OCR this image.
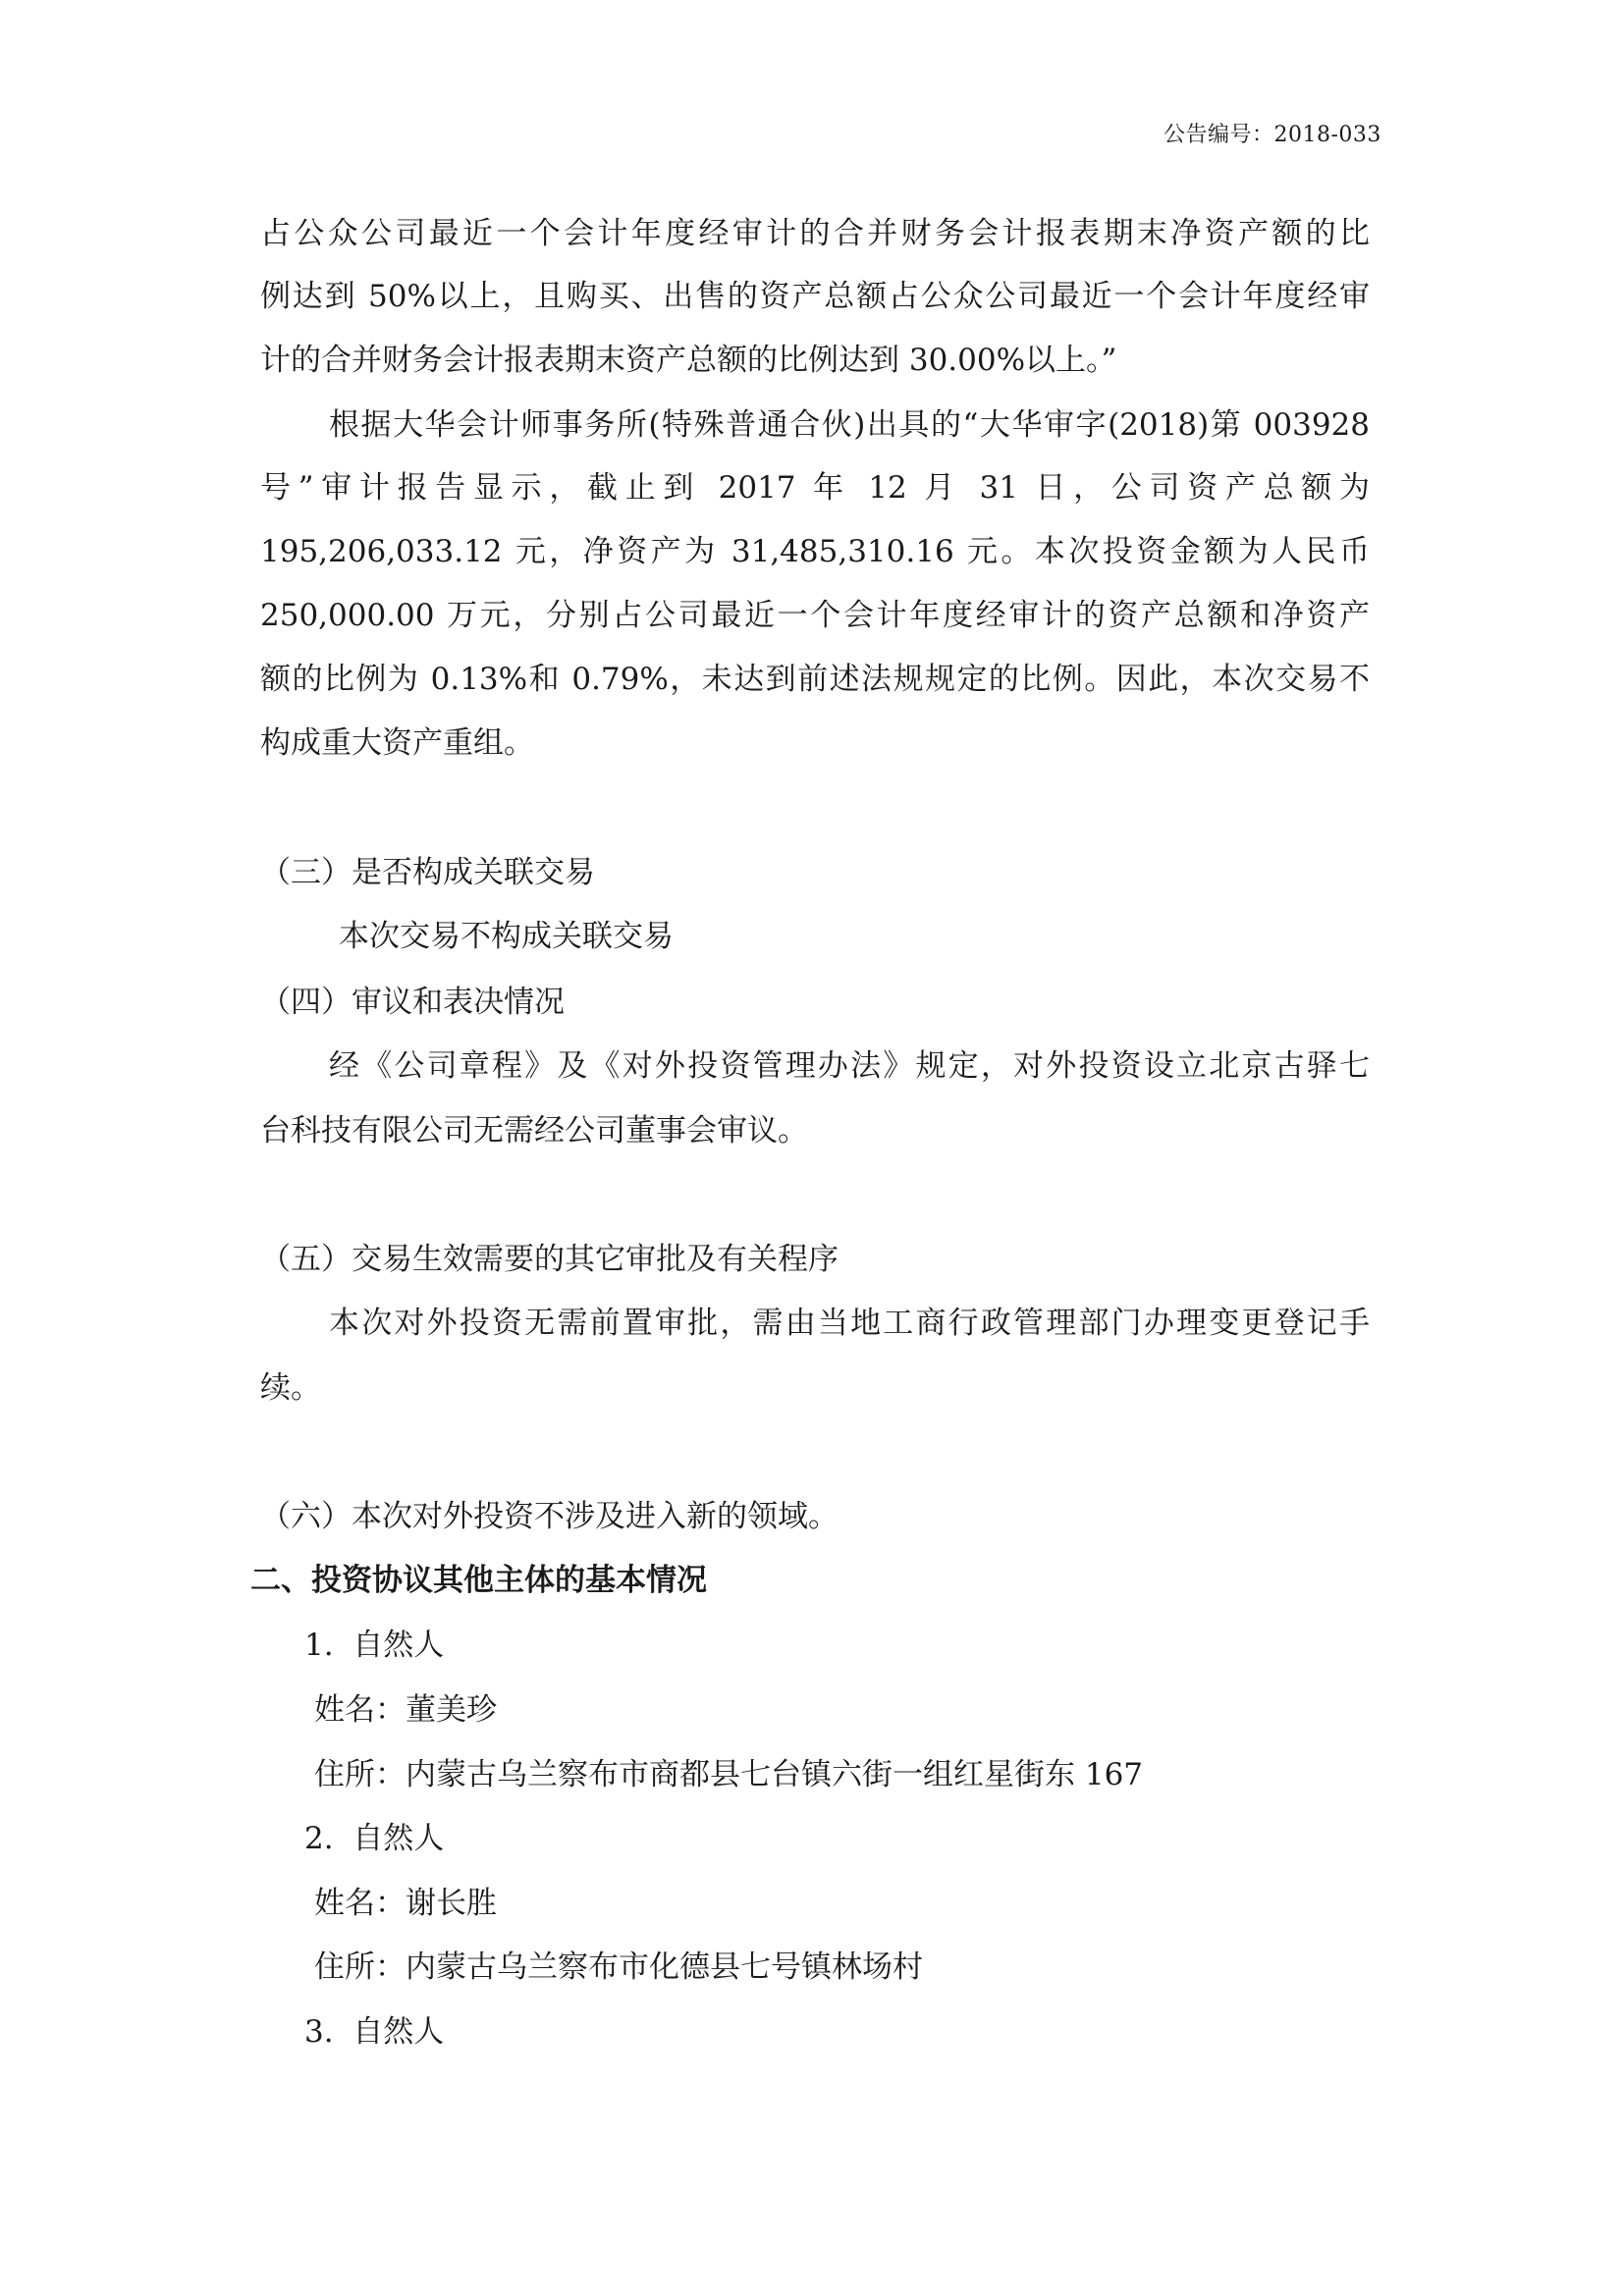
公告编号：2018-033
占公众公司最近一个会计年度经审计的合并财务会计报表期末净资产额的比
例达到 50%以上，且购买、出售的资产总额占公众公司最近一个会计年度经审
计的合并财务会计报表期末资产总额的比例达到 30.00%以上。”
根据大华会计师事务所(特殊普通合伙)出具的“大华审字(2018)第 003928
号”审计报告显示，截止到 2017 年 12 月 31 日，公司资产总额为
195,206,033.12 元，净资产为 31,485,310.16 元。本次投资金额为人民币
250,000.00 万元，分别占公司最近一个会计年度经审计的资产总额和净资产
额的比例为 0.13%和 0.79%，未达到前述法规规定的比例。因此，本次交易不
构成重大资产重组。
（三）是否构成关联交易
本次交易不构成关联交易
（四）审议和表决情况
经《公司章程》及《对外投资管理办法》规定，对外投资设立北京古驿七
台科技有限公司无需经公司董事会审议。
（五）交易生效需要的其它审批及有关程序
本次对外投资无需前置审批，需由当地工商行政管理部门办理变更登记手
续。
（六）本次对外投资不涉及进入新的领域。
二、投资协议其他主体的基本情况
1.  自然人
姓名：董美珍
住所：内蒙古乌兰察布市商都县七台镇六街一组红星街东 167
2.  自然人
姓名：谢长胜
住所：内蒙古乌兰察布市化德县七号镇林场村
3.  自然人
